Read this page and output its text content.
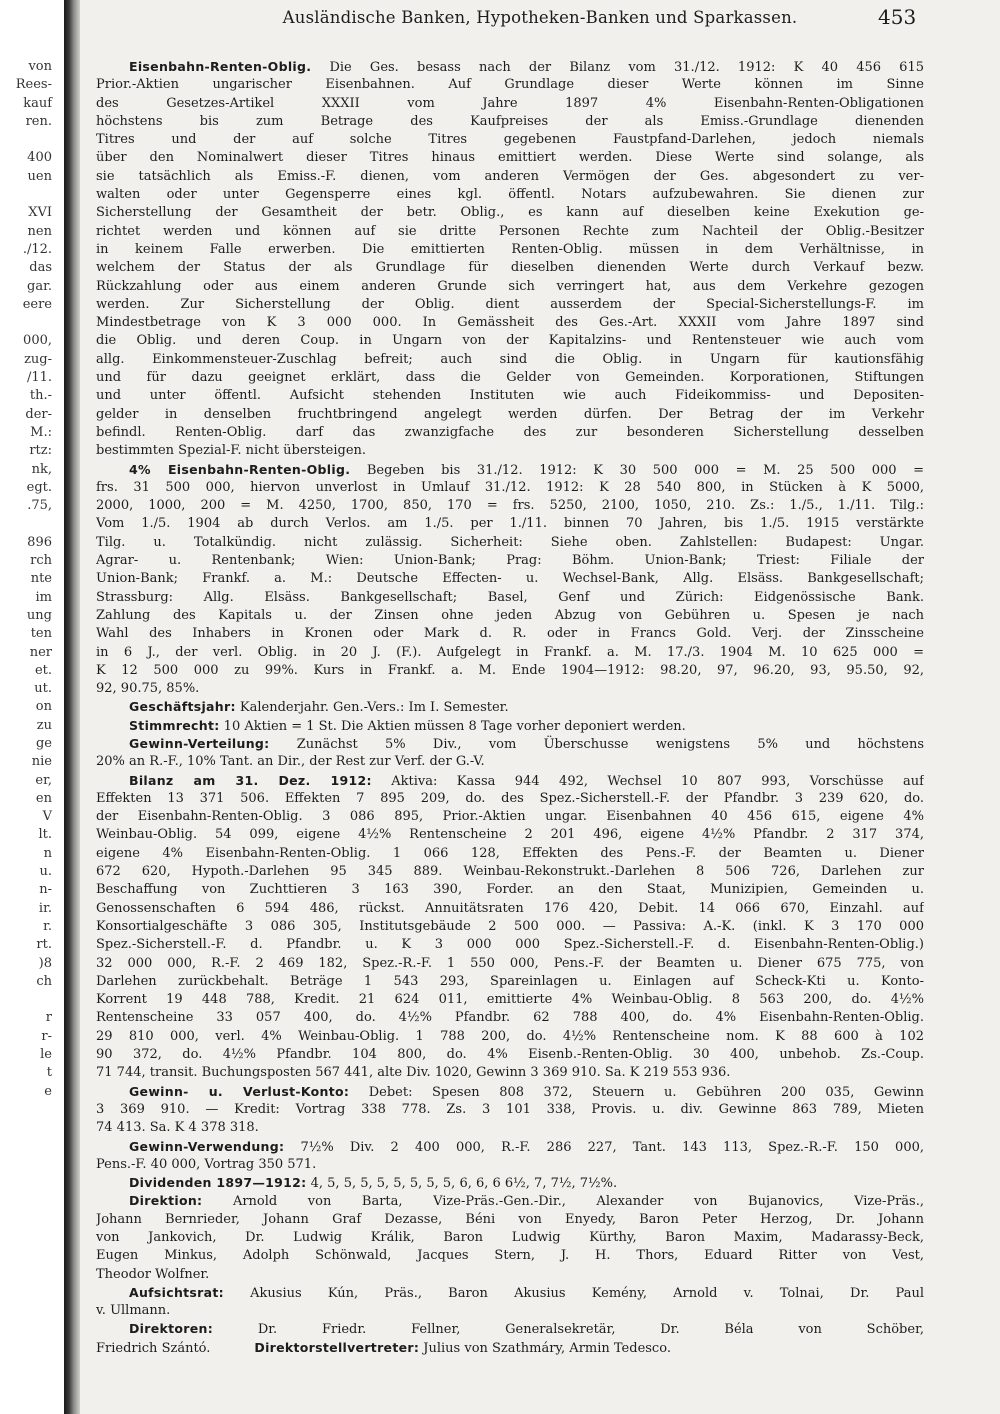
von
Rees-
kauf
ren.

400
uen

XVI
nen
./12.
das
gar.
eere

000,
zug-
/11.
th.-
der-
M.:
rtz:
nk,
egt.
.75,

896
rch
nte
im
ung
ten
ner
et.
ut.
on
zu
ge
nie
er,
en
V
lt.
n
u.
n-
ir.
r.
rt.
)8
ch

r
r-
le
t
e
Ausländische Banken, Hypotheken-Banken und Sparkassen.	453
Eisenbahn-Renten-Oblig. Die Ges. besass nach der Bilanz vom 31./12. 1912: K 40 456 615
Prior.-Aktien ungarischer Eisenbahnen. Auf Grundlage dieser Werte können im Sinne
des Gesetzes-Artikel XXXII vom Jahre 1897 4% Eisenbahn-Renten-Obligationen
höchstens bis zum Betrage des Kaufpreises der als Emiss.-Grundlage dienenden
Titres und der auf solche Titres gegebenen Faustpfand-Darlehen, jedoch niemals
über den Nominalwert dieser Titres hinaus emittiert werden. Diese Werte sind solange, als
sie tatsächlich als Emiss.-F. dienen, vom anderen Vermögen der Ges. abgesondert zu ver-
walten oder unter Gegensperre eines kgl. öffentl. Notars aufzubewahren. Sie dienen zur
Sicherstellung der Gesamtheit der betr. Oblig., es kann auf dieselben keine Exekution ge-
richtet werden und können auf sie dritte Personen Rechte zum Nachteil der Oblig.-Besitzer
in keinem Falle erwerben. Die emittierten Renten-Oblig. müssen in dem Verhältnisse, in
welchem der Status der als Grundlage für dieselben dienenden Werte durch Verkauf bezw.
Rückzahlung oder aus einem anderen Grunde sich verringert hat, aus dem Verkehre gezogen
werden. Zur Sicherstellung der Oblig. dient ausserdem der Special-Sicherstellungs-F. im
Mindestbetrage von K 3 000 000. In Gemässheit des Ges.-Art. XXXII vom Jahre 1897 sind
die Oblig. und deren Coup. in Ungarn von der Kapitalzins- und Rentensteuer wie auch vom
allg. Einkommensteuer-Zuschlag befreit; auch sind die Oblig. in Ungarn für kautionsfähig
und für dazu geeignet erklärt, dass die Gelder von Gemeinden. Korporationen, Stiftungen
und unter öffentl. Aufsicht stehenden Instituten wie auch Fideikommiss- und Depositen-
gelder in denselben fruchtbringend angelegt werden dürfen. Der Betrag der im Verkehr
befindl. Renten-Oblig. darf das zwanzigfache des zur besonderen Sicherstellung desselben
bestimmten Spezial-F. nicht übersteigen.
4% Eisenbahn-Renten-Oblig. Begeben bis 31./12. 1912: K 30 500 000 = M. 25 500 000 =
frs. 31 500 000, hiervon unverlost in Umlauf 31./12. 1912: K 28 540 800, in Stücken à K 5000,
2000, 1000, 200 = M. 4250, 1700, 850, 170 = frs. 5250, 2100, 1050, 210. Zs.: 1./5., 1./11. Tilg.:
Vom 1./5. 1904 ab durch Verlos. am 1./5. per 1./11. binnen 70 Jahren, bis 1./5. 1915 verstärkte
Tilg. u. Totalkündig. nicht zulässig. Sicherheit: Siehe oben. Zahlstellen: Budapest: Ungar.
Agrar- u. Rentenbank; Wien: Union-Bank; Prag: Böhm. Union-Bank; Triest: Filiale der
Union-Bank; Frankf. a. M.: Deutsche Effecten- u. Wechsel-Bank, Allg. Elsäss. Bankgesellschaft;
Strassburg: Allg. Elsäss. Bankgesellschaft; Basel, Genf und Zürich: Eidgenössische Bank.
Zahlung des Kapitals u. der Zinsen ohne jeden Abzug von Gebühren u. Spesen je nach
Wahl des Inhabers in Kronen oder Mark d. R. oder in Francs Gold. Verj. der Zinsscheine
in 6 J., der verl. Oblig. in 20 J. (F.). Aufgelegt in Frankf. a. M. 17./3. 1904 M. 10 625 000 =
K 12 500 000 zu 99%. Kurs in Frankf. a. M. Ende 1904—1912: 98.20, 97, 96.20, 93, 95.50, 92,
92, 90.75, 85%.
Geschäftsjahr: Kalenderjahr. Gen.-Vers.: Im I. Semester.
Stimmrecht: 10 Aktien = 1 St. Die Aktien müssen 8 Tage vorher deponiert werden.
Gewinn-Verteilung: Zunächst 5% Div., vom Überschusse wenigstens 5% und höchstens
20% an R.-F., 10% Tant. an Dir., der Rest zur Verf. der G.-V.
Bilanz am 31. Dez. 1912: Aktiva: Kassa 944 492, Wechsel 10 807 993, Vorschüsse auf
Effekten 13 371 506. Effekten 7 895 209, do. des Spez.-Sicherstell.-F. der Pfandbr. 3 239 620, do.
der Eisenbahn-Renten-Oblig. 3 086 895, Prior.-Aktien ungar. Eisenbahnen 40 456 615, eigene 4%
Weinbau-Oblig. 54 099, eigene 4½% Rentenscheine 2 201 496, eigene 4½% Pfandbr. 2 317 374,
eigene 4% Eisenbahn-Renten-Oblig. 1 066 128, Effekten des Pens.-F. der Beamten u. Diener
672 620, Hypoth.-Darlehen 95 345 889. Weinbau-Rekonstrukt.-Darlehen 8 506 726, Darlehen zur
Beschaffung von Zuchttieren 3 163 390, Forder. an den Staat, Munizipien, Gemeinden u.
Genossenschaften 6 594 486, rückst. Annuitätsraten 176 420, Debit. 14 066 670, Einzahl. auf
Konsortialgeschäfte 3 086 305, Institutsgebäude 2 500 000. — Passiva: A.-K. (inkl. K 3 170 000
Spez.-Sicherstell.-F. d. Pfandbr. u. K 3 000 000 Spez.-Sicherstell.-F. d. Eisenbahn-Renten-Oblig.)
32 000 000, R.-F. 2 469 182, Spez.-R.-F. 1 550 000, Pens.-F. der Beamten u. Diener 675 775, von
Darlehen zurückbehalt. Beträge 1 543 293, Spareinlagen u. Einlagen auf Scheck-Kti u. Konto-
Korrent 19 448 788, Kredit. 21 624 011, emittierte 4% Weinbau-Oblig. 8 563 200, do. 4½%
Rentenscheine 33 057 400, do. 4½% Pfandbr. 62 788 400, do. 4% Eisenbahn-Renten-Oblig.
29 810 000, verl. 4% Weinbau-Oblig. 1 788 200, do. 4½% Rentenscheine nom. K 88 600 à 102
90 372, do. 4½% Pfandbr. 104 800, do. 4% Eisenb.-Renten-Oblig. 30 400, unbehob. Zs.-Coup.
71 744, transit. Buchungsposten 567 441, alte Div. 1020, Gewinn 3 369 910. Sa. K 219 553 936.
Gewinn- u. Verlust-Konto: Debet: Spesen 808 372, Steuern u. Gebühren 200 035, Gewinn
3 369 910. — Kredit: Vortrag 338 778. Zs. 3 101 338, Provis. u. div. Gewinne 863 789, Mieten
74 413. Sa. K 4 378 318.
Gewinn-Verwendung: 7½% Div. 2 400 000, R.-F. 286 227, Tant. 143 113, Spez.-R.-F. 150 000,
Pens.-F. 40 000, Vortrag 350 571.
Dividenden 1897—1912: 4, 5, 5, 5, 5, 5, 5, 5, 5, 6, 6, 6 6½, 7, 7½, 7½%.
Direktion: Arnold von Barta, Vize-Präs.-Gen.-Dir., Alexander von Bujanovics, Vize-Präs.,
Johann Bernrieder, Johann Graf Dezasse, Béni von Enyedy, Baron Peter Herzog, Dr. Johann
von Jankovich, Dr. Ludwig Králik, Baron Ludwig Kürthy, Baron Maxim, Madarassy-Beck,
Eugen Minkus, Adolph Schönwald, Jacques Stern, J. H. Thors, Eduard Ritter von Vest,
Theodor Wolfner.
Aufsichtsrat: Akusius Kún, Präs., Baron Akusius Kemény, Arnold v. Tolnai, Dr. Paul
v. Ullmann.
Direktoren: Dr. Friedr. Fellner, Generalsekretär, Dr. Béla von Schöber,
Friedrich Szántó.	Direktorstellvertreter: Julius von Szathmáry, Armin Tedesco.
